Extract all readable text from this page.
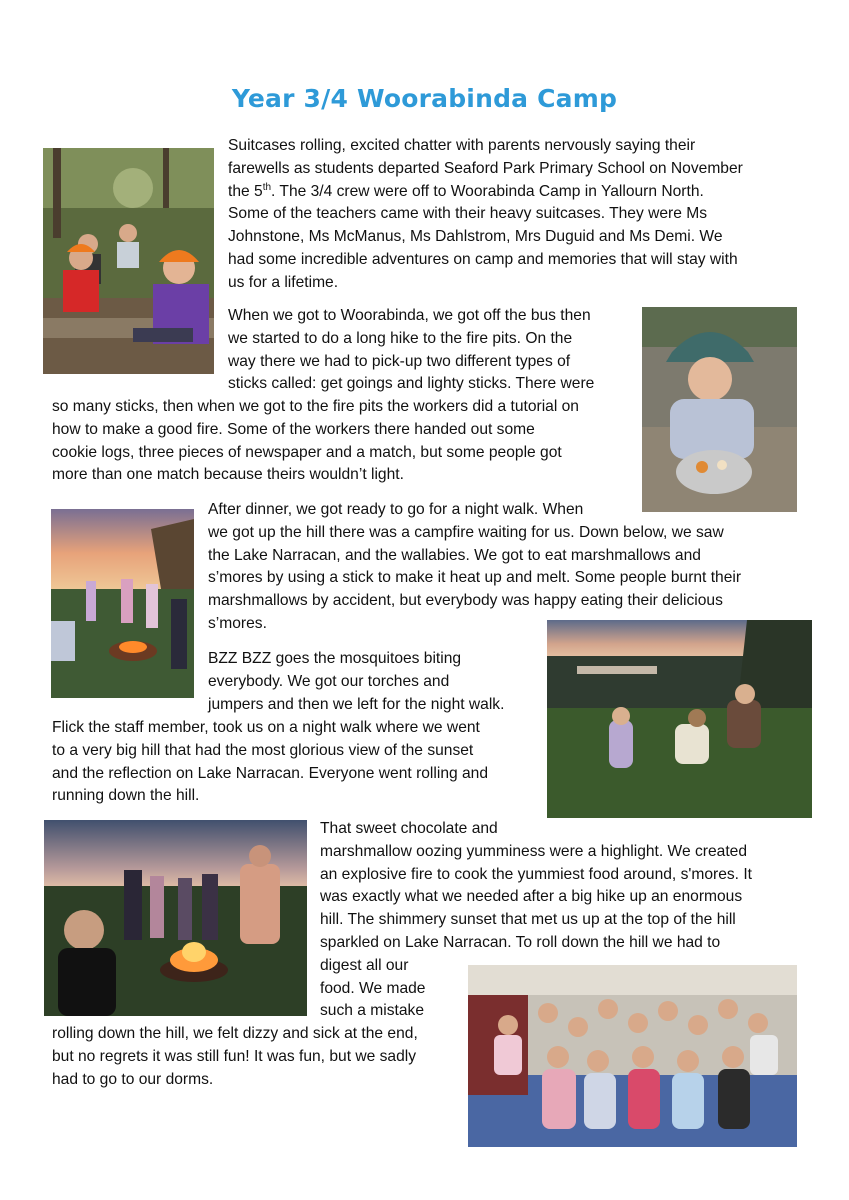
Year 3/4 Woorabinda Camp

Suitcases rolling, excited chatter with parents nervously saying their
farewells as students departed Seaford Park Primary School on November
the 5th. The 3/4 crew were off to Woorabinda Camp in Yallourn North.
Some of the teachers came with their heavy suitcases. They were Ms
Johnstone, Ms McManus, Ms Dahlstrom, Mrs Duguid and Ms Demi. We
had some incredible adventures on camp and memories that will stay with
us for a lifetime.

When we got to Woorabinda, we got off the bus then
we started to do a long hike to the fire pits. On the
way there we had to pick-up two different types of
sticks called: get goings and lighty sticks. There were

so many sticks, then when we got to the fire pits the workers did a tutorial on
how to make a good fire. Some of the workers there handed out some
cookie logs, three pieces of newspaper and a match, but some people got
more than one match because theirs wouldn’t light.

After dinner, we got ready to go for a night walk. When
we got up the hill there was a campfire waiting for us. Down below, we saw
the Lake Narracan, and the wallabies. We got to eat marshmallows and
s’mores by using a stick to make it heat up and melt. Some people burnt their
marshmallows by accident, but everybody was happy eating their delicious
s’mores.

BZZ BZZ goes the mosquitoes biting
everybody. We got our torches and
jumpers and then we left for the night walk.

Flick the staff member, took us on a night walk where we went
to a very big hill that had the most glorious view of the sunset
and the reflection on Lake Narracan. Everyone went rolling and
running down the hill.

That sweet chocolate and
marshmallow oozing yumminess were a highlight. We created
an explosive fire to cook the yummiest food around, s'mores. It
was exactly what we needed after a big hike up an enormous
hill. The shimmery sunset that met us up at the top of the hill
sparkled on Lake Narracan. To roll down the hill we had to
digest all our
food. We made
such a mistake

rolling down the hill, we felt dizzy and sick at the end,
but no regrets it was still fun! It was fun, but we sadly
had to go to our dorms.
